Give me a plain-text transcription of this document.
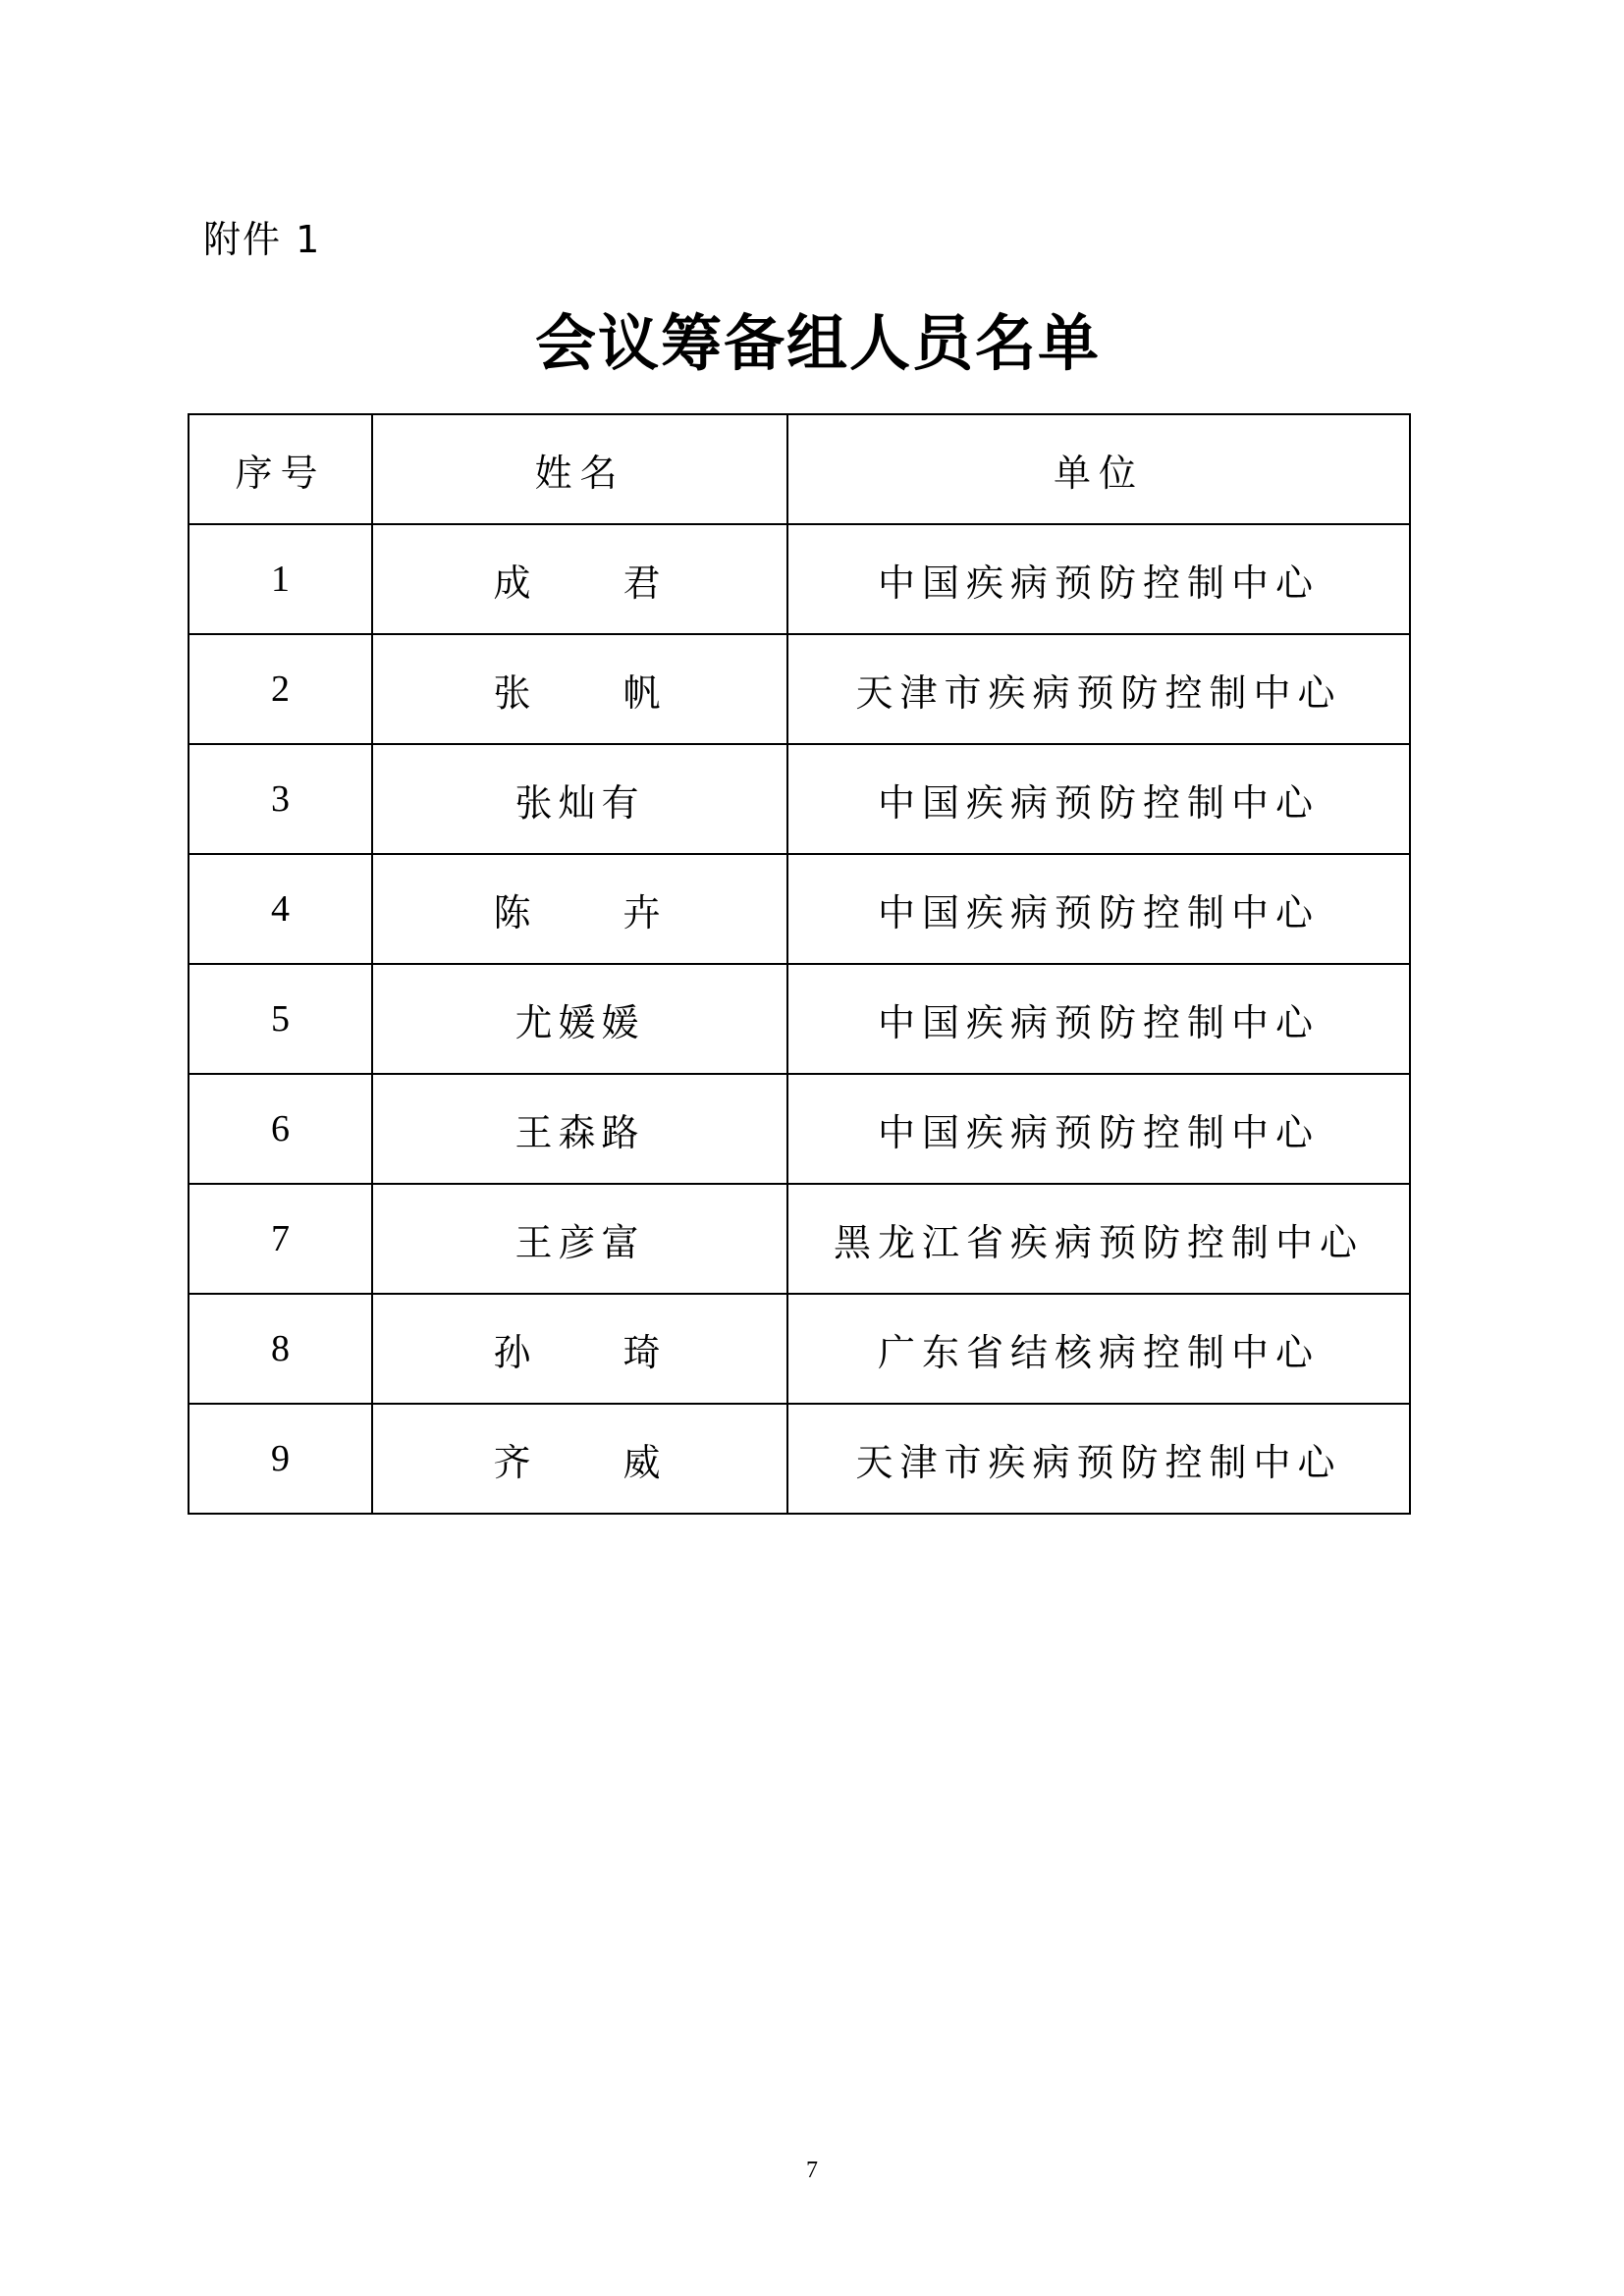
附件 1
会议筹备组人员名单
序号	姓名	单位
1	成　　君	中国疾病预防控制中心
2	张　　帆	天津市疾病预防控制中心
3	张灿有	中国疾病预防控制中心
4	陈　　卉	中国疾病预防控制中心
5	尤媛媛	中国疾病预防控制中心
6	王森路	中国疾病预防控制中心
7	王彦富	黑龙江省疾病预防控制中心
8	孙　　琦	广东省结核病控制中心
9	齐　　威	天津市疾病预防控制中心
7
